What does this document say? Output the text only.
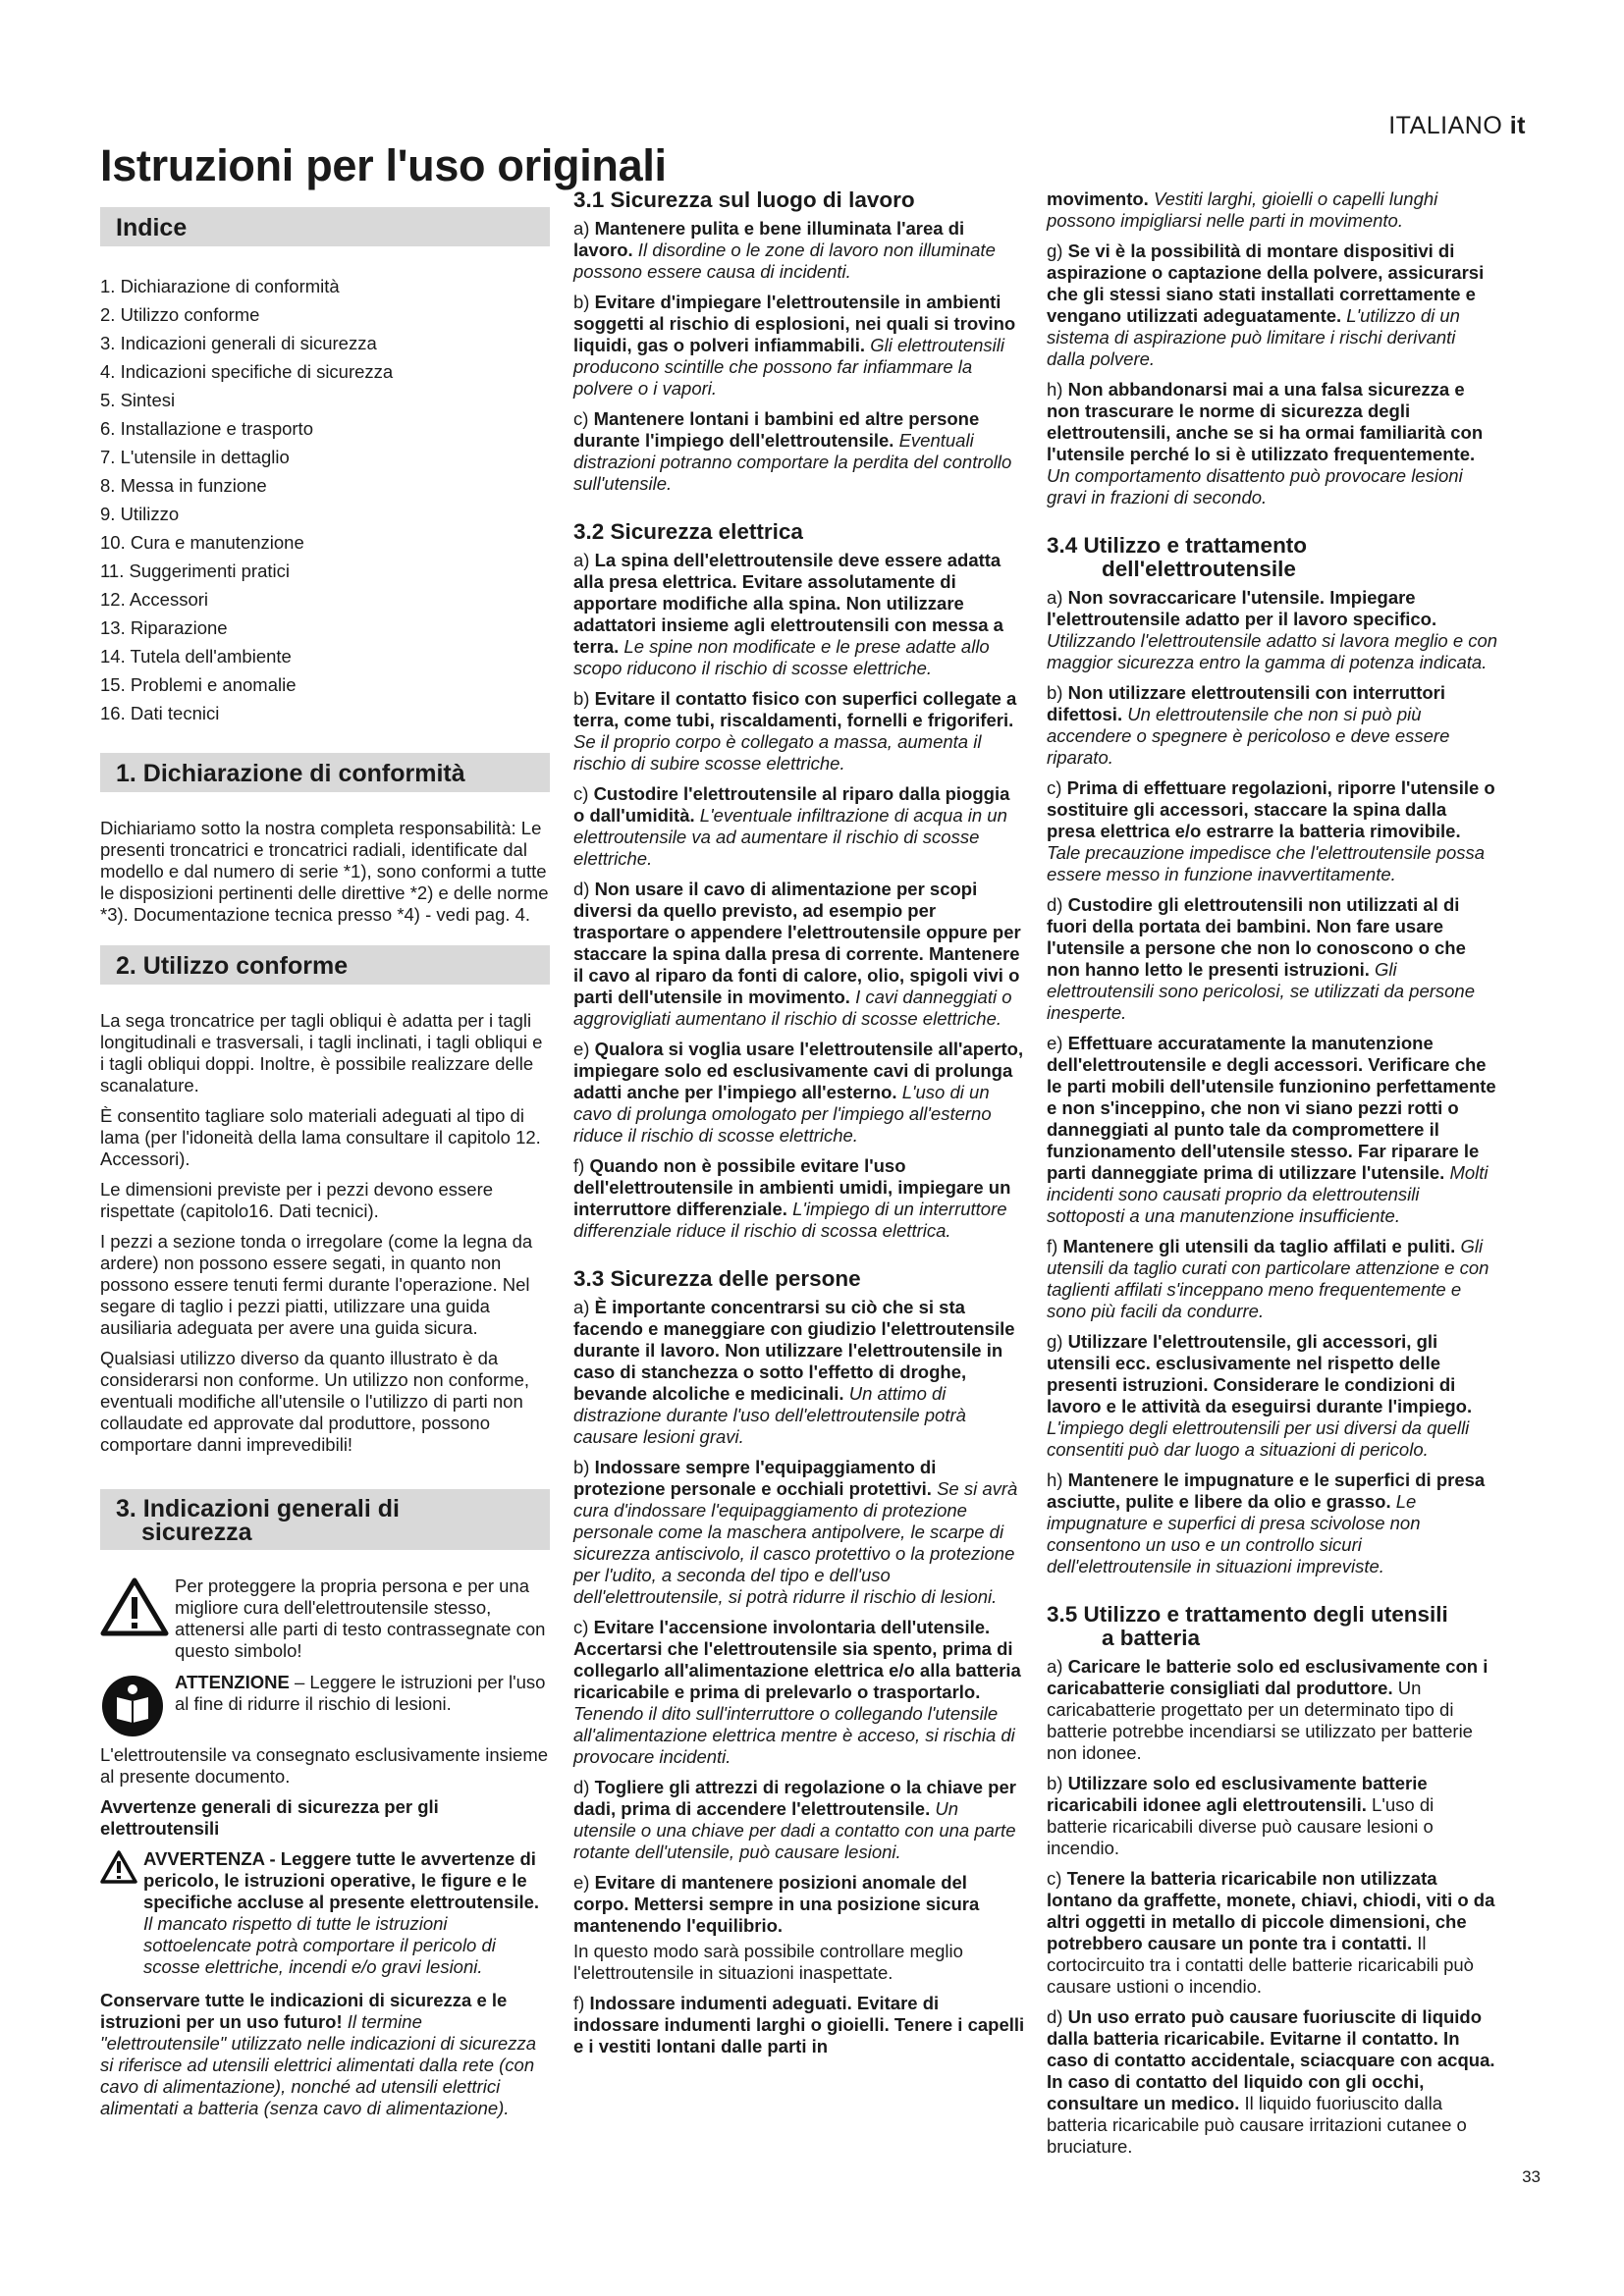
ITALIANO it
Istruzioni per l'uso originali
Indice
1. Dichiarazione di conformità
2. Utilizzo conforme
3. Indicazioni generali di sicurezza
4. Indicazioni specifiche di sicurezza
5. Sintesi
6. Installazione e trasporto
7. L'utensile in dettaglio
8. Messa in funzione
9. Utilizzo
10. Cura e manutenzione
11. Suggerimenti pratici
12. Accessori
13. Riparazione
14. Tutela dell'ambiente
15. Problemi e anomalie
16. Dati tecnici
1. Dichiarazione di conformità

Dichiariamo sotto la nostra completa responsabilità: Le presenti troncatrici e troncatrici radiali, identificate dal modello e dal numero di serie *1), sono conformi a tutte le disposizioni pertinenti delle direttive *2) e delle norme *3). Documentazione tecnica presso *4) - vedi pag. 4.

2. Utilizzo conforme

La sega troncatrice per tagli obliqui è adatta per i tagli longitudinali e trasversali, i tagli inclinati, i tagli obliqui e i tagli obliqui doppi. Inoltre, è possibile realizzare delle scanalature.

È consentito tagliare solo materiali adeguati al tipo di lama (per l'idoneità della lama consultare il capitolo 12. Accessori).

Le dimensioni previste per i pezzi devono essere rispettate (capitolo16. Dati tecnici).

I pezzi a sezione tonda o irregolare (come la legna da ardere) non possono essere segati, in quanto non possono essere tenuti fermi durante l'operazione. Nel segare di taglio i pezzi piatti, utilizzare una guida ausiliaria adeguata per avere una guida sicura.

Qualsiasi utilizzo diverso da quanto illustrato è da considerarsi non conforme. Un utilizzo non conforme, eventuali modifiche all'utensile o l'utilizzo di parti non collaudate ed approvate dal produttore, possono comportare danni imprevedibili!

3. Indicazioni generali di
sicurezza
Per proteggere la propria persona e per una migliore cura dell'elettroutensile stesso, attenersi alle parti di testo contrassegnate con questo simbolo!
ATTENZIONE – Leggere le istruzioni per l'uso al fine di ridurre il rischio di lesioni.

L'elettroutensile va consegnato esclusivamente insieme al presente documento.

Avvertenze generali di sicurezza per gli elettroutensili

AVVERTENZA - Leggere tutte le avvertenze di pericolo, le istruzioni operative, le figure e le specifiche accluse al presente elettroutensile. Il mancato rispetto di tutte le istruzioni sottoelencate potrà comportare il pericolo di scosse elettriche, incendi e/o gravi lesioni.

Conservare tutte le indicazioni di sicurezza e le istruzioni per un uso futuro! Il termine "elettroutensile" utilizzato nelle indicazioni di sicurezza si riferisce ad utensili elettrici alimentati dalla rete (con cavo di alimentazione), nonché ad utensili elettrici alimentati a batteria (senza cavo di alimentazione).

3.1 Sicurezza sul luogo di lavoro

a) Mantenere pulita e bene illuminata l'area di lavoro. Il disordine o le zone di lavoro non illuminate possono essere causa di incidenti.

b) Evitare d'impiegare l'elettroutensile in ambienti soggetti al rischio di esplosioni, nei quali si trovino liquidi, gas o polveri infiammabili. Gli elettroutensili producono scintille che possono far infiammare la polvere o i vapori.

c) Mantenere lontani i bambini ed altre persone durante l'impiego dell'elettroutensile. Eventuali distrazioni potranno comportare la perdita del controllo sull'utensile.

3.2 Sicurezza elettrica

a) La spina dell'elettroutensile deve essere adatta alla presa elettrica. Evitare assolutamente di apportare modifiche alla spina. Non utilizzare adattatori insieme agli elettroutensili con messa a terra. Le spine non modificate e le prese adatte allo scopo riducono il rischio di scosse elettriche.

b) Evitare il contatto fisico con superfici collegate a terra, come tubi, riscaldamenti, fornelli e frigoriferi. Se il proprio corpo è collegato a massa, aumenta il rischio di subire scosse elettriche.

c) Custodire l'elettroutensile al riparo dalla pioggia o dall'umidità. L'eventuale infiltrazione di acqua in un elettroutensile va ad aumentare il rischio di scosse elettriche.

d) Non usare il cavo di alimentazione per scopi diversi da quello previsto, ad esempio per trasportare o appendere l'elettroutensile oppure per staccare la spina dalla presa di corrente. Mantenere il cavo al riparo da fonti di calore, olio, spigoli vivi o parti dell'utensile in movimento. I cavi danneggiati o aggrovigliati aumentano il rischio di scosse elettriche.

e) Qualora si voglia usare l'elettroutensile all'aperto, impiegare solo ed esclusivamente cavi di prolunga adatti anche per l'impiego all'esterno. L'uso di un cavo di prolunga omologato per l'impiego all'esterno riduce il rischio di scosse elettriche.

f) Quando non è possibile evitare l'uso dell'elettroutensile in ambienti umidi, impiegare un interruttore differenziale. L'impiego di un interruttore differenziale riduce il rischio di scossa elettrica.

3.3 Sicurezza delle persone

a) È importante concentrarsi su ciò che si sta facendo e maneggiare con giudizio l'elettroutensile durante il lavoro. Non utilizzare l'elettroutensile in caso di stanchezza o sotto l'effetto di droghe, bevande alcoliche e medicinali. Un attimo di distrazione durante l'uso dell'elettroutensile potrà causare lesioni gravi.

b) Indossare sempre l'equipaggiamento di protezione personale e occhiali protettivi. Se si avrà cura d'indossare l'equipaggiamento di protezione personale come la maschera antipolvere, le scarpe di sicurezza antiscivolo, il casco protettivo o la protezione per l'udito, a seconda del tipo e dell'uso dell'elettroutensile, si potrà ridurre il rischio di lesioni.

c) Evitare l'accensione involontaria dell'utensile. Accertarsi che l'elettroutensile sia spento, prima di collegarlo all'alimentazione elettrica e/o alla batteria ricaricabile e prima di prelevarlo o trasportarlo. Tenendo il dito sull'interruttore o collegando l'utensile all'alimentazione elettrica mentre è acceso, si rischia di provocare incidenti.

d) Togliere gli attrezzi di regolazione o la chiave per dadi, prima di accendere l'elettroutensile. Un utensile o una chiave per dadi a contatto con una parte rotante dell'utensile, può causare lesioni.

e) Evitare di mantenere posizioni anomale del corpo. Mettersi sempre in una posizione sicura mantenendo l'equilibrio.

In questo modo sarà possibile controllare meglio l'elettroutensile in situazioni inaspettate.

f) Indossare indumenti adeguati. Evitare di indossare indumenti larghi o gioielli. Tenere i capelli e i vestiti lontani dalle parti in

movimento. Vestiti larghi, gioielli o capelli lunghi possono impigliarsi nelle parti in movimento.

g) Se vi è la possibilità di montare dispositivi di aspirazione o captazione della polvere, assicurarsi che gli stessi siano stati installati correttamente e vengano utilizzati adeguatamente. L'utilizzo di un sistema di aspirazione può limitare i rischi derivanti dalla polvere.

h) Non abbandonarsi mai a una falsa sicurezza e non trascurare le norme di sicurezza degli elettroutensili, anche se si ha ormai familiarità con l'utensile perché lo si è utilizzato frequentemente. Un comportamento disattento può provocare lesioni gravi in frazioni di secondo.

3.4 Utilizzo e trattamento
dell'elettroutensile

a) Non sovraccaricare l'utensile. Impiegare l'elettroutensile adatto per il lavoro specifico. Utilizzando l'elettroutensile adatto si lavora meglio e con maggior sicurezza entro la gamma di potenza indicata.

b) Non utilizzare elettroutensili con interruttori difettosi. Un elettroutensile che non si può più accendere o spegnere è pericoloso e deve essere riparato.

c) Prima di effettuare regolazioni, riporre l'utensile o sostituire gli accessori, staccare la spina dalla presa elettrica e/o estrarre la batteria rimovibile. Tale precauzione impedisce che l'elettroutensile possa essere messo in funzione inavvertitamente.

d) Custodire gli elettroutensili non utilizzati al di fuori della portata dei bambini. Non fare usare l'utensile a persone che non lo conoscono o che non hanno letto le presenti istruzioni. Gli elettroutensili sono pericolosi, se utilizzati da persone inesperte.

e) Effettuare accuratamente la manutenzione dell'elettroutensile e degli accessori. Verificare che le parti mobili dell'utensile funzionino perfettamente e non s'inceppino, che non vi siano pezzi rotti o danneggiati al punto tale da compromettere il funzionamento dell'utensile stesso. Far riparare le parti danneggiate prima di utilizzare l'utensile. Molti incidenti sono causati proprio da elettroutensili sottoposti a una manutenzione insufficiente.

f) Mantenere gli utensili da taglio affilati e puliti. Gli utensili da taglio curati con particolare attenzione e con taglienti affilati s'inceppano meno frequentemente e sono più facili da condurre.

g) Utilizzare l'elettroutensile, gli accessori, gli utensili ecc. esclusivamente nel rispetto delle presenti istruzioni. Considerare le condizioni di lavoro e le attività da eseguirsi durante l'impiego. L'impiego degli elettroutensili per usi diversi da quelli consentiti può dar luogo a situazioni di pericolo.

h) Mantenere le impugnature e le superfici di presa asciutte, pulite e libere da olio e grasso. Le impugnature e superfici di presa scivolose non consentono un uso e un controllo sicuri dell'elettroutensile in situazioni impreviste.

3.5 Utilizzo e trattamento degli utensili
a batteria

a) Caricare le batterie solo ed esclusivamente con i caricabatterie consigliati dal produttore. Un caricabatterie progettato per un determinato tipo di batterie potrebbe incendiarsi se utilizzato per batterie non idonee.

b) Utilizzare solo ed esclusivamente batterie ricaricabili idonee agli elettroutensili. L'uso di batterie ricaricabili diverse può causare lesioni o incendio.

c) Tenere la batteria ricaricabile non utilizzata lontano da graffette, monete, chiavi, chiodi, viti o da altri oggetti in metallo di piccole dimensioni, che potrebbero causare un ponte tra i contatti. Il cortocircuito tra i contatti delle batterie ricaricabili può causare ustioni o incendio.

d) Un uso errato può causare fuoriuscite di liquido dalla batteria ricaricabile. Evitarne il contatto. In caso di contatto accidentale, sciacquare con acqua. In caso di contatto del liquido con gli occhi, consultare un medico. Il liquido fuoriuscito dalla batteria ricaricabile può causare irritazioni cutanee o bruciature.

33
